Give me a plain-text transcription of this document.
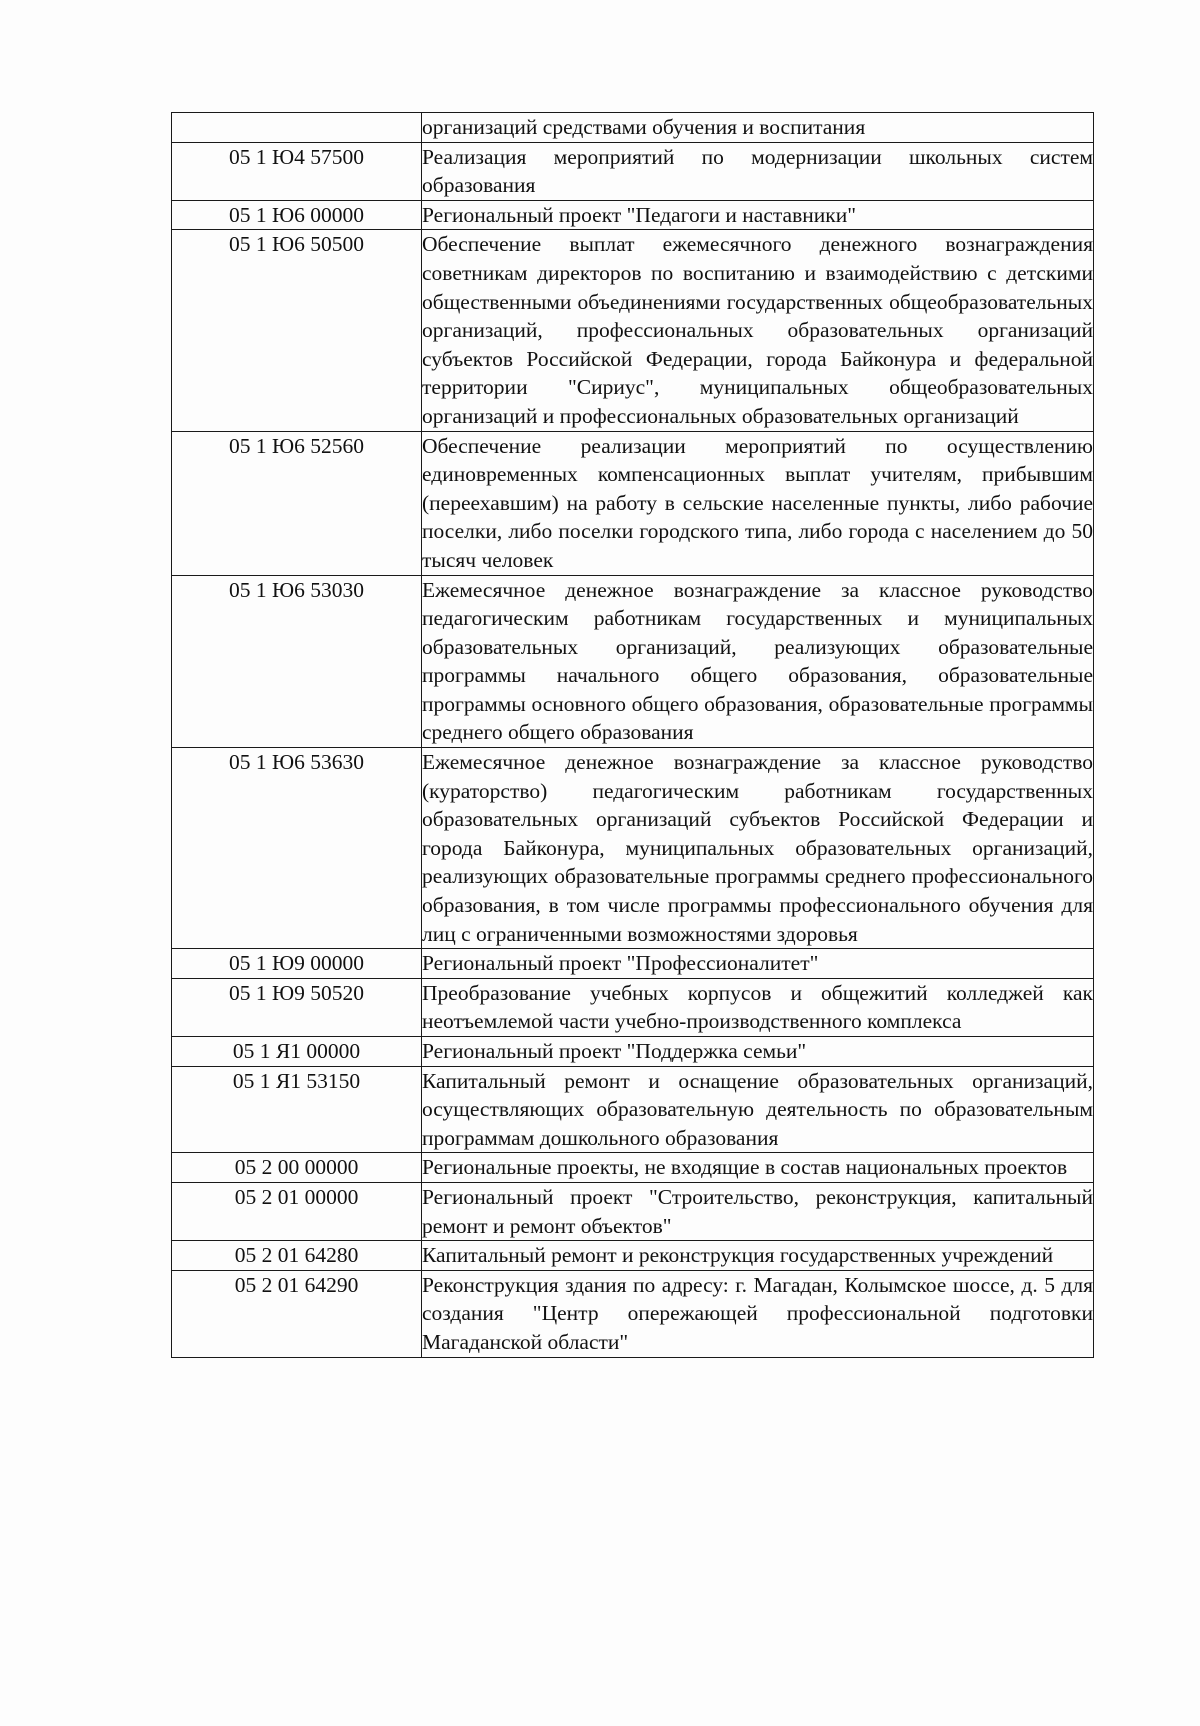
	организаций средствами обучения и воспитания
05 1 Ю4 57500	Реализация мероприятий по модернизации школьных систем образования
05 1 Ю6 00000	Региональный проект "Педагоги и наставники"
05 1 Ю6 50500	Обеспечение выплат ежемесячного денежного вознаграждения советникам директоров по воспитанию и взаимодействию с детскими общественными объединениями государственных общеобразовательных организаций, профессиональных образовательных организаций субъектов Российской Федерации, города Байконура и федеральной территории "Сириус", муниципальных общеобразовательных организаций и профессиональных образовательных организаций
05 1 Ю6 52560	Обеспечение реализации мероприятий по осуществлению единовременных компенсационных выплат учителям, прибывшим (переехавшим) на работу в сельские населенные пункты, либо рабочие поселки, либо поселки городского типа, либо города с населением до 50 тысяч человек
05 1 Ю6 53030	Ежемесячное денежное вознаграждение за классное руководство педагогическим работникам государственных и муниципальных образовательных организаций, реализующих образовательные программы начального общего образования, образовательные программы основного общего образования, образовательные программы среднего общего образования
05 1 Ю6 53630	Ежемесячное денежное вознаграждение за классное руководство (кураторство) педагогическим работникам государственных образовательных организаций субъектов Российской Федерации и города Байконура, муниципальных образовательных организаций, реализующих образовательные программы среднего профессионального образования, в том числе программы профессионального обучения для лиц с ограниченными возможностями здоровья
05 1 Ю9 00000	Региональный проект "Профессионалитет"
05 1 Ю9 50520	Преобразование учебных корпусов и общежитий колледжей как неотъемлемой части учебно-производственного комплекса
05 1 Я1 00000	Региональный проект "Поддержка семьи"
05 1 Я1 53150	Капитальный ремонт и оснащение образовательных организаций, осуществляющих образовательную деятельность по образовательным программам дошкольного образования
05 2 00 00000	Региональные проекты, не входящие в состав национальных проектов
05 2 01 00000	Региональный проект "Строительство, реконструкция, капитальный ремонт и ремонт объектов"
05 2 01 64280	Капитальный ремонт и реконструкция государственных учреждений
05 2 01 64290	Реконструкция здания по адресу: г. Магадан, Колымское шоссе, д. 5 для создания "Центр опережающей профессиональной подготовки Магаданской области"
